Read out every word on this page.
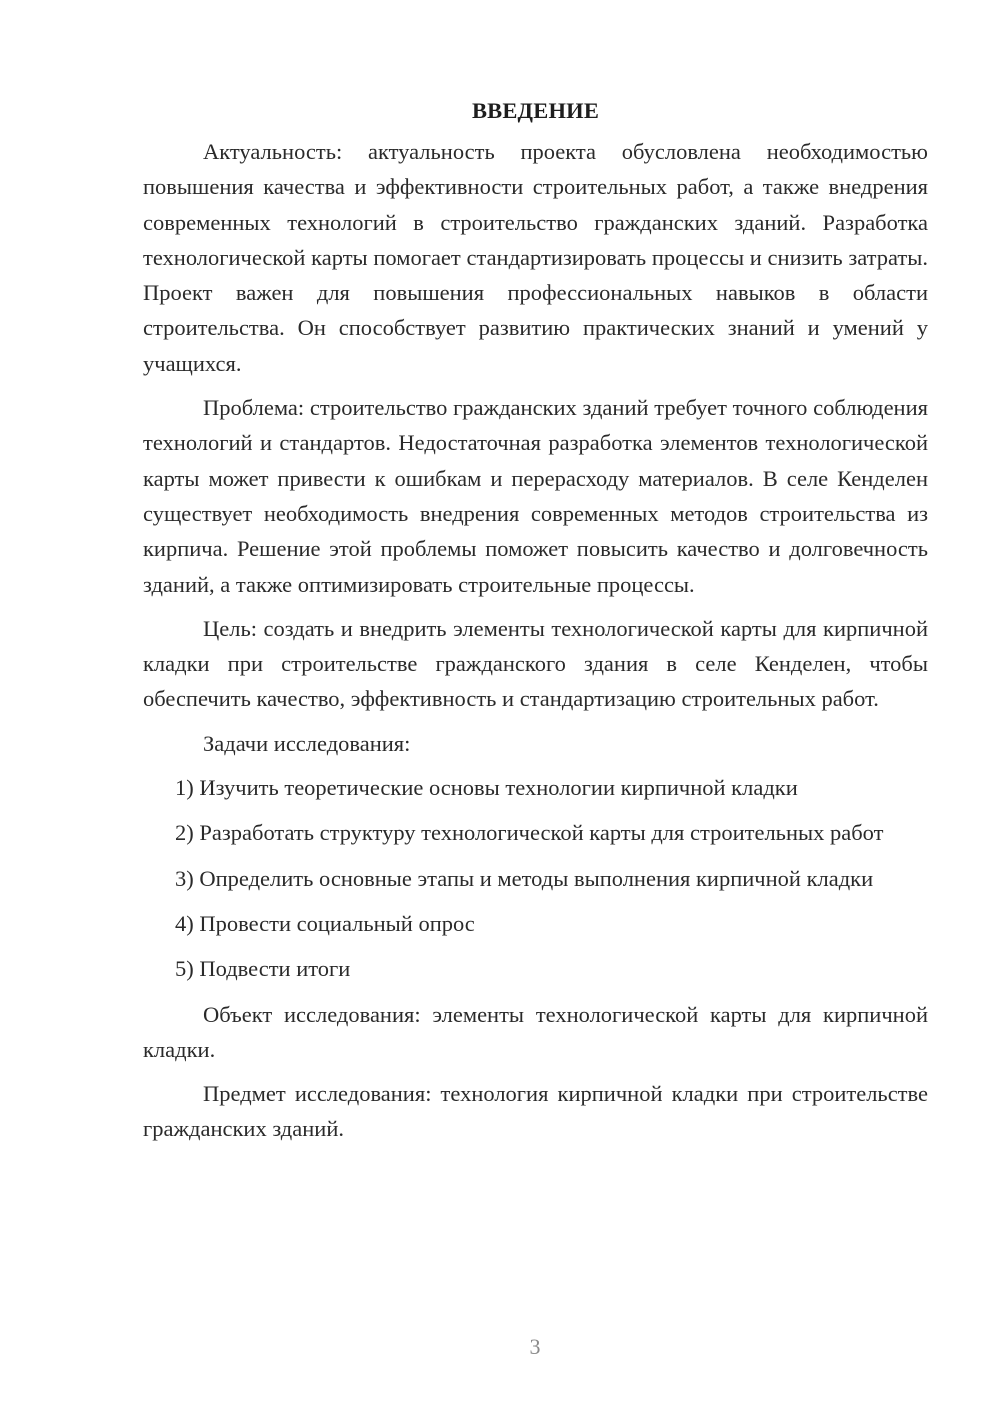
ВВЕДЕНИЕ

Актуальность: актуальность проекта обусловлена необходимостью повышения качества и эффективности строительных работ, а также внедрения современных технологий в строительство гражданских зданий. Разработка технологической карты помогает стандартизировать процессы и снизить затраты. Проект важен для повышения профессиональных навыков в области строительства. Он способствует развитию практических знаний и умений у учащихся.

Проблема: строительство гражданских зданий требует точного соблюдения технологий и стандартов. Недостаточная разработка элементов технологической карты может привести к ошибкам и перерасходу материалов. В селе Кенделен существует необходимость внедрения современных методов строительства из кирпича. Решение этой проблемы поможет повысить качество и долговечность зданий, а также оптимизировать строительные процессы.

Цель: создать и внедрить элементы технологической карты для кирпичной кладки при строительстве гражданского здания в селе Кенделен, чтобы обеспечить качество, эффективность и стандартизацию строительных работ.

Задачи исследования:

1) Изучить теоретические основы технологии кирпичной кладки

2) Разработать структуру технологической карты для строительных работ

3) Определить основные этапы и методы выполнения кирпичной кладки

4) Провести социальный опрос

5) Подвести итоги

Объект исследования: элементы технологической карты для кирпичной кладки.

Предмет исследования: технология кирпичной кладки при строительстве гражданских зданий.

3
